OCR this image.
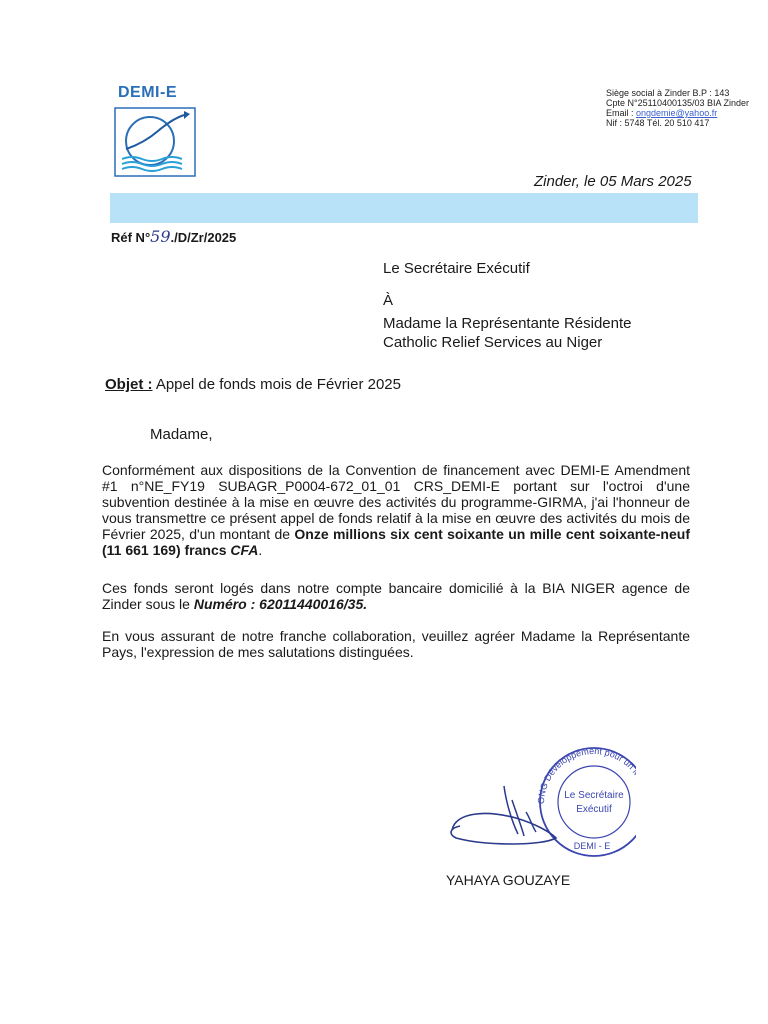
DEMI-E	Siège social à Zinder B.P : 143
Cpte N°25110400135/03 BIA Zinder
Email : ongdemie@yahoo.fr
Nif : 5748 Tél. 20 510 417
Zinder, le 05 Mars 2025
Réf N°59./D/Zr/2025
Le Secrétaire Exécutif
À
Madame la Représentante Résidente
Catholic Relief Services au Niger
Objet : Appel de fonds mois de Février 2025
Madame,
Conformément aux dispositions de la Convention de financement avec DEMI-E Amendment #1 n°NE_FY19 SUBAGR_P0004-672_01_01 CRS_DEMI-E portant sur l'octroi d'une subvention destinée à la mise en œuvre des activités du programme-GIRMA, j'ai l'honneur de vous transmettre ce présent appel de fonds relatif à la mise en œuvre des activités du mois de Février 2025, d'un montant de Onze millions six cent soixante un mille cent soixante-neuf (11 661 169) francs CFA.
Ces fonds seront logés dans notre compte bancaire domicilié à la BIA NIGER agence de Zinder sous le Numéro : 62011440016/35.
En vous assurant de notre franche collaboration, veuillez agréer Madame la Représentante Pays, l'expression de mes salutations distinguées.
ONG Développement pour un
Le Secrétaire
Exécutif
DEMI - E
YAHAYA GOUZAYE
